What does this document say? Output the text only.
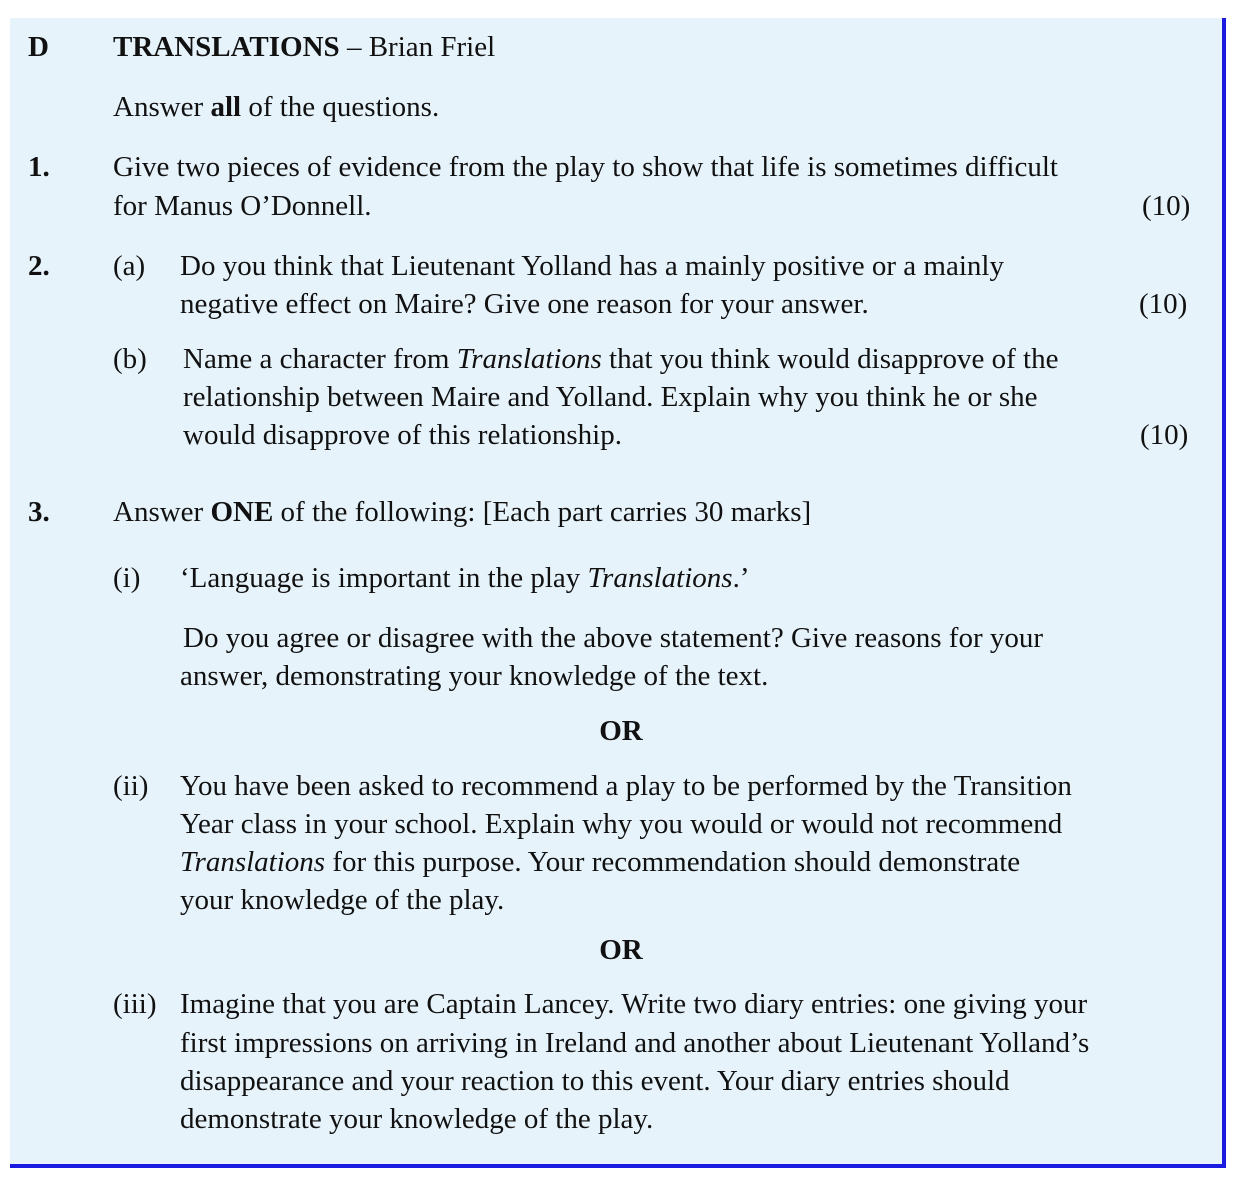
D TRANSLATIONS – Brian Friel
Answer all of the questions.
1. Give two pieces of evidence from the play to show that life is sometimes difficult
for Manus O’Donnell.	(10)
2. (a) Do you think that Lieutenant Yolland has a mainly positive or a mainly
negative effect on Maire? Give one reason for your answer.	(10)
(b) Name a character from Translations that you think would disapprove of the
relationship between Maire and Yolland. Explain why you think he or she
would disapprove of this relationship.	(10)
3. Answer ONE of the following: [Each part carries 30 marks]
(i) ‘Language is important in the play Translations.’
Do you agree or disagree with the above statement? Give reasons for your
answer, demonstrating your knowledge of the text.
OR
(ii) You have been asked to recommend a play to be performed by the Transition
Year class in your school. Explain why you would or would not recommend
Translations for this purpose. Your recommendation should demonstrate
your knowledge of the play.
OR
(iii) Imagine that you are Captain Lancey. Write two diary entries: one giving your
first impressions on arriving in Ireland and another about Lieutenant Yolland’s
disappearance and your reaction to this event. Your diary entries should
demonstrate your knowledge of the play.
